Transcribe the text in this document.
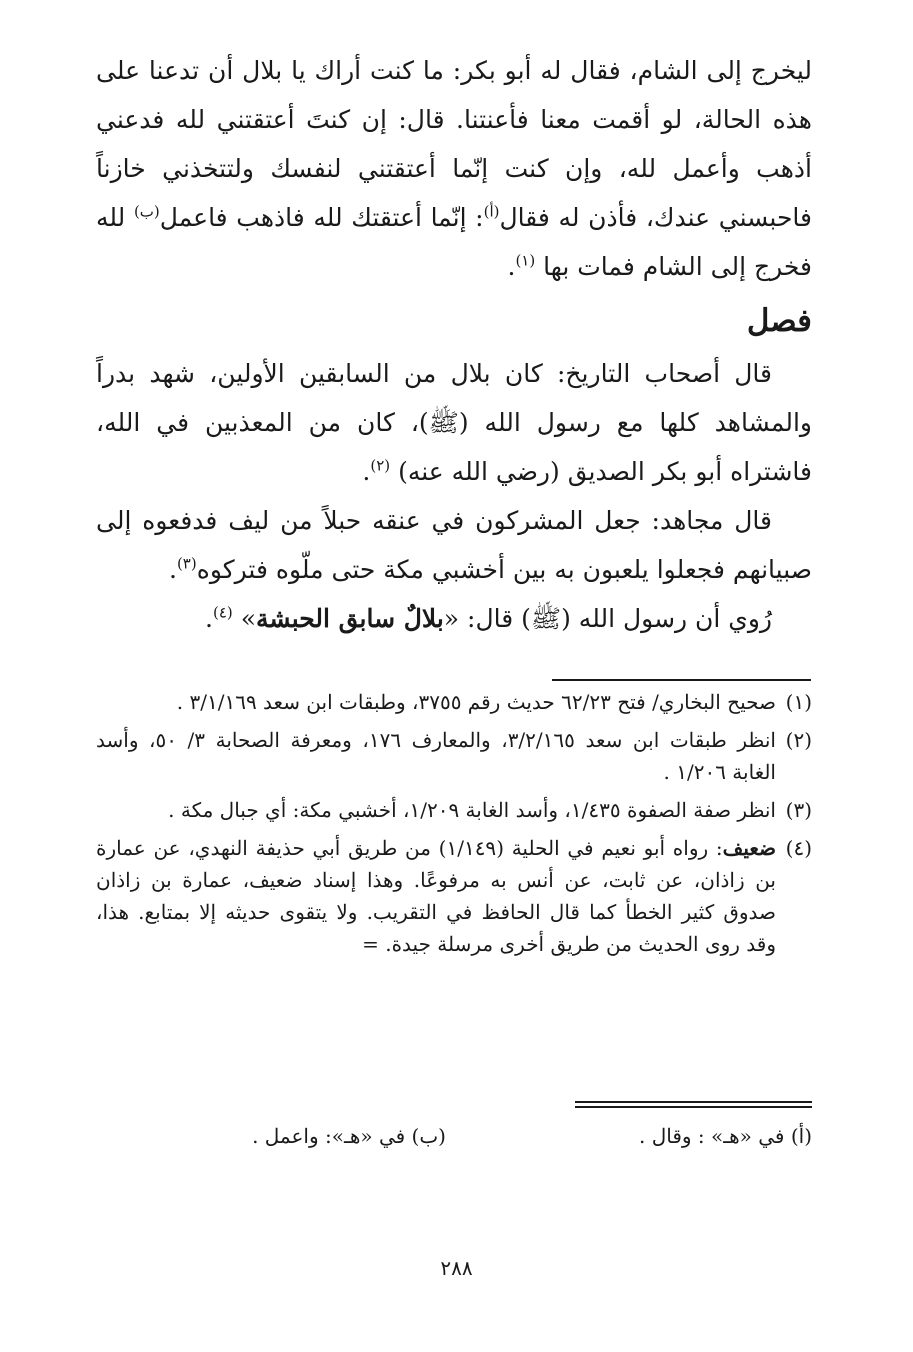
ليخرج إلى الشام، فقال له أبو بكر: ما كنت أراك يا بلال أن تدعنا على هذه الحالة، لو أقمت معنا فأعنتنا. قال: إن كنتَ أعتقتني لله فدعني أذهب وأعمل لله، وإن كنت إنّما أعتقتني لنفسك ولتتخذني خازناً فاحبسني عندك، فأذن له فقال$^{(أ)}$: إنّما أعتقتك لله فاذهب فاعمل$^{(ب)}$ لله فخرج إلى الشام فمات بها $^{(١)}$.

فصل

قال أصحاب التاريخ: كان بلال من السابقين الأولين، شهد بدراً والمشاهد كلها مع رسول الله (ﷺ)، كان من المعذبين في الله، فاشتراه أبو بكر الصديق (رضي الله عنه) $^{(٢)}$.

قال مجاهد: جعل المشركون في عنقه حبلاً من ليف فدفعوه إلى صبيانهم فجعلوا يلعبون به بين أخشبي مكة حتى ملّوه فتركوه$^{(٣)}$.

رُوي أن رسول الله (ﷺ) قال: «بلالٌ سابق الحبشة» $^{(٤)}$.

(١)
صحيح البخاري/ فتح ٦٢/٢٣ حديث رقم ٣٧٥٥، وطبقات ابن سعد ٣/١/١٦٩ .

(٢)
انظر طبقات ابن سعد ٣/٢/١٦٥، والمعارف ١٧٦، ومعرفة الصحابة ٣/ ٥٠، وأسد الغابة ١/٢٠٦ .

(٣)
انظر صفة الصفوة ١/٤٣٥، وأسد الغابة ١/٢٠٩، أخشبي مكة: أي جبال مكة .

(٤)
ضعيف: رواه أبو نعيم في الحلية (١/١٤٩) من طريق أبي حذيفة النهدي، عن عمارة بن زاذان، عن ثابت، عن أنس به مرفوعًا. وهذا إسناد ضعيف، عمارة بن زاذان صدوق كثير الخطأ كما قال الحافظ في التقريب. ولا يتقوى حديثه إلا بمتابع. هذا، وقد روى الحديث من طريق أخرى مرسلة جيدة. =

(أ) في «هـ» : وقال .
(ب) في «هـ»: واعمل .
٢٨٨
